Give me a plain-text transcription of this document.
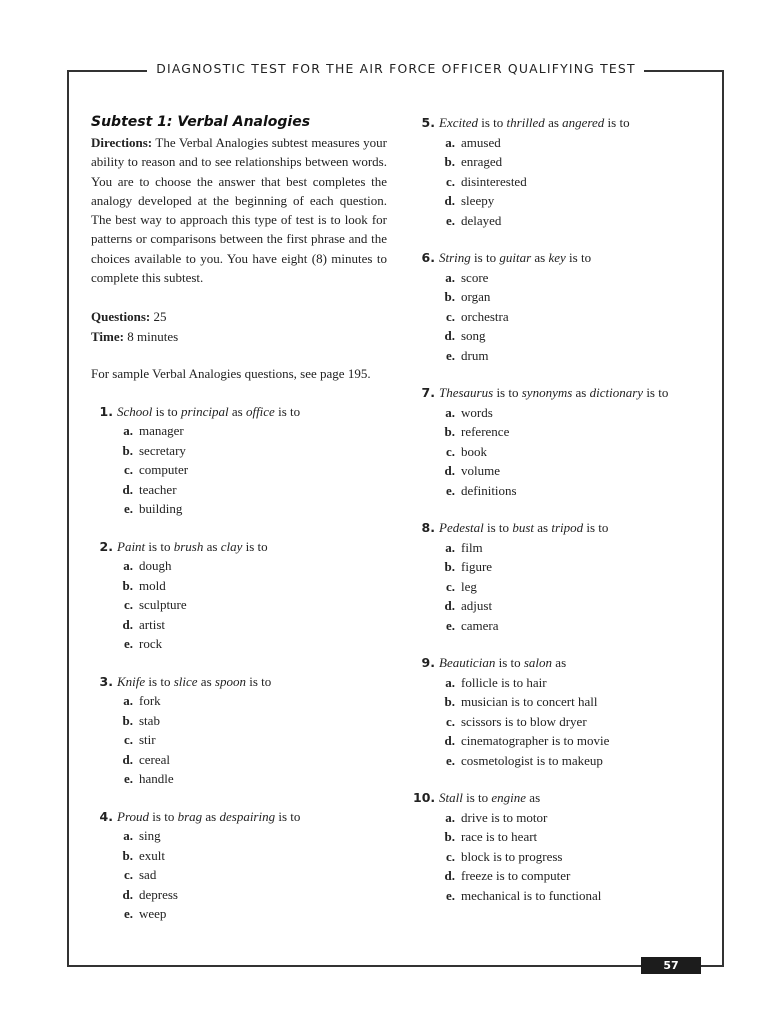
DIAGNOSTIC TEST FOR THE AIR FORCE OFFICER QUALIFYING TEST
Subtest 1: Verbal Analogies

Directions: The Verbal Analogies subtest measures your ability to reason and to see relationships between words. You are to choose the answer that best completes the analogy developed at the beginning of each question. The best way to approach this type of test is to look for patterns or comparisons between the first phrase and the choices available to you. You have eight (8) minutes to complete this subtest.

Questions: 25
Time: 8 minutes

For sample Verbal Analogies questions, see page 195.

1. School is to principal as office is to
a. manager
b. secretary
c. computer
d. teacher
e. building
2. Paint is to brush as clay is to
a. dough
b. mold
c. sculpture
d. artist
e. rock
3. Knife is to slice as spoon is to
a. fork
b. stab
c. stir
d. cereal
e. handle
4. Proud is to brag as despairing is to
a. sing
b. exult
c. sad
d. depress
e. weep
5. Excited is to thrilled as angered is to
a. amused
b. enraged
c. disinterested
d. sleepy
e. delayed
6. String is to guitar as key is to
a. score
b. organ
c. orchestra
d. song
e. drum
7. Thesaurus is to synonyms as dictionary is to
a. words
b. reference
c. book
d. volume
e. definitions
8. Pedestal is to bust as tripod is to
a. film
b. figure
c. leg
d. adjust
e. camera
9. Beautician is to salon as
a. follicle is to hair
b. musician is to concert hall
c. scissors is to blow dryer
d. cinematographer is to movie
e. cosmetologist is to makeup
10. Stall is to engine as
a. drive is to motor
b. race is to heart
c. block is to progress
d. freeze is to computer
e. mechanical is to functional
57
